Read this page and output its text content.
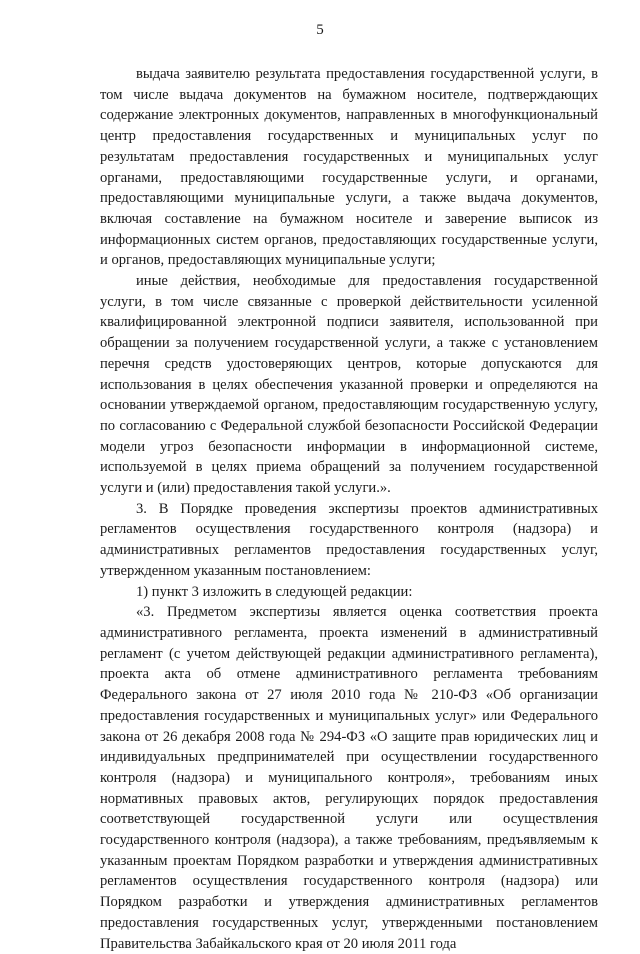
5

выдача заявителю результата предоставления государственной услуги, в том числе выдача документов на бумажном носителе, подтверждающих содержание электронных документов, направленных в многофункциональный центр предоставления государственных и муниципальных услуг по результатам предоставления государственных и муниципальных услуг органами, предоставляющими государственные услуги, и органами, предоставляющими муниципальные услуги, а также выдача документов, включая составление на бумажном носителе и заверение выписок из информационных систем органов, предоставляющих государственные услуги, и органов, предоставляющих муниципальные услуги;

иные действия, необходимые для предоставления государственной услуги, в том числе связанные с проверкой действительности усиленной квалифицированной электронной подписи заявителя, использованной при обращении за получением государственной услуги, а также с установлением перечня средств удостоверяющих центров, которые допускаются для использования в целях обеспечения указанной проверки и определяются на основании утверждаемой органом, предоставляющим государственную услугу, по согласованию с Федеральной службой безопасности Российской Федерации модели угроз безопасности информации в информационной системе, используемой в целях приема обращений за получением государственной услуги и (или) предоставления такой услуги.».

3. В Порядке проведения экспертизы проектов административных регламентов осуществления государственного контроля (надзора) и административных регламентов предоставления государственных услуг, утвержденном указанным постановлением:

1) пункт 3 изложить в следующей редакции:

«3. Предметом экспертизы является оценка соответствия проекта административного регламента, проекта изменений в административный регламент (с учетом действующей редакции административного регламента), проекта акта об отмене административного регламента требованиям Федерального закона от 27 июля 2010 года № 210-ФЗ «Об организации предоставления государственных и муниципальных услуг» или Федерального закона от 26 декабря 2008 года № 294-ФЗ «О защите прав юридических лиц и индивидуальных предпринимателей при осуществлении государственного контроля (надзора) и муниципального контроля», требованиям иных нормативных правовых актов, регулирующих порядок предоставления соответствующей государственной услуги или осуществления государственного контроля (надзора), а также требованиям, предъявляемым к указанным проектам Порядком разработки и утверждения административных регламентов осуществления государственного контроля (надзора) или Порядком разработки и утверждения административных регламентов предоставления государственных услуг, утвержденными постановлением Правительства Забайкальского края от 20 июля 2011 года
